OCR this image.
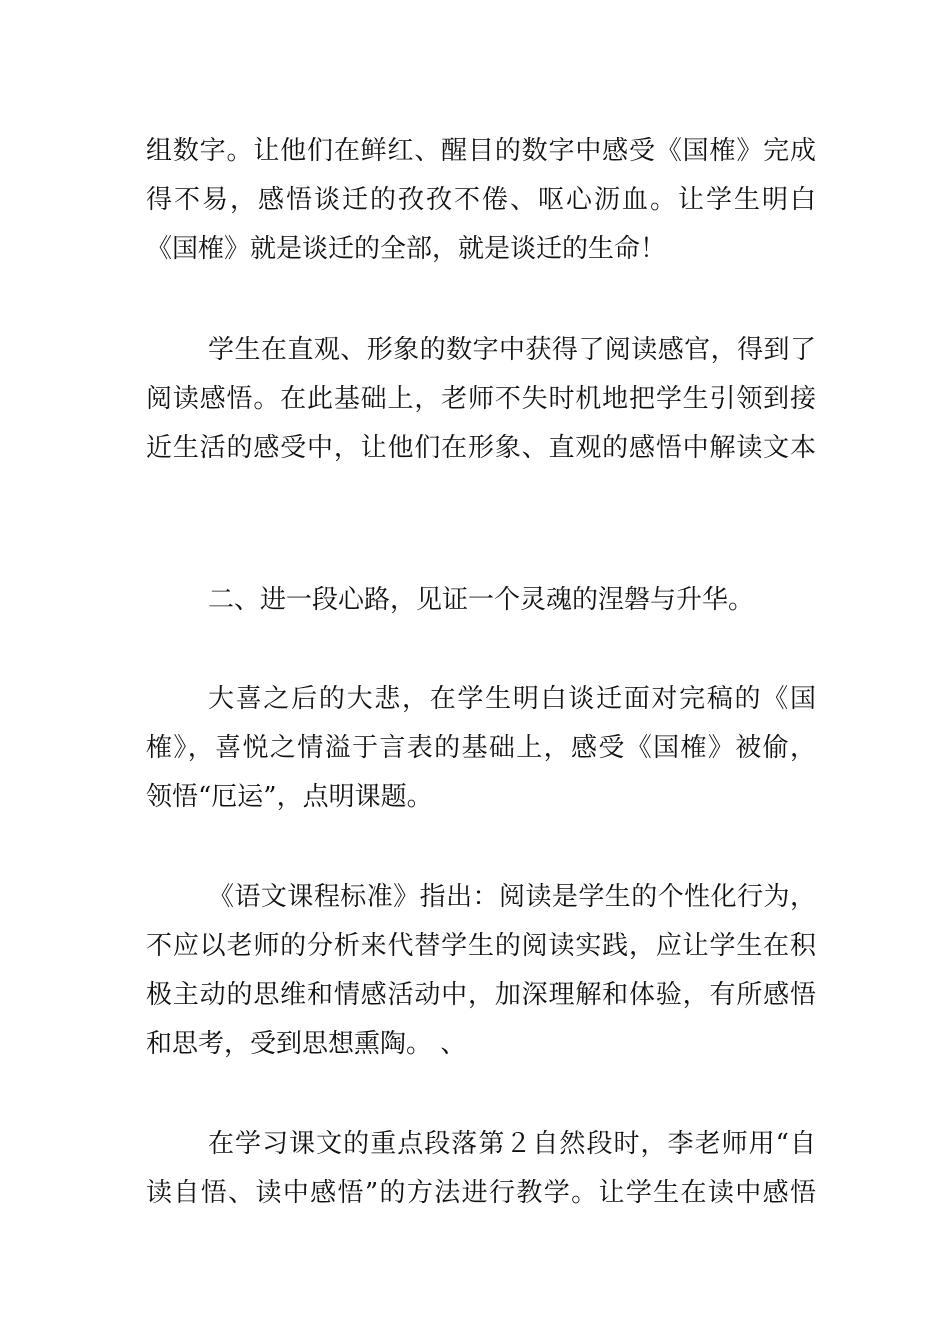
组数字。让他们在鲜红、醒目的数字中感受《国榷》完成
得不易，感悟谈迁的孜孜不倦、呕心沥血。让学生明白
《国榷》就是谈迁的全部，就是谈迁的生命！
学生在直观、形象的数字中获得了阅读感官，得到了
阅读感悟。在此基础上，老师不失时机地把学生引领到接
近生活的感受中，让他们在形象、直观的感悟中解读文本
二、进一段心路，见证一个灵魂的涅磐与升华。
大喜之后的大悲，在学生明白谈迁面对完稿的《国
榷》，喜悦之情溢于言表的基础上，感受《国榷》被偷，
领悟“厄运”，点明课题。
《语文课程标准》指出：阅读是学生的个性化行为，
不应以老师的分析来代替学生的阅读实践，应让学生在积
极主动的思维和情感活动中，加深理解和体验，有所感悟
和思考，受到思想熏陶。 、
在学习课文的重点段落第２自然段时，李老师用“自
读自悟、读中感悟”的方法进行教学。让学生在读中感悟
